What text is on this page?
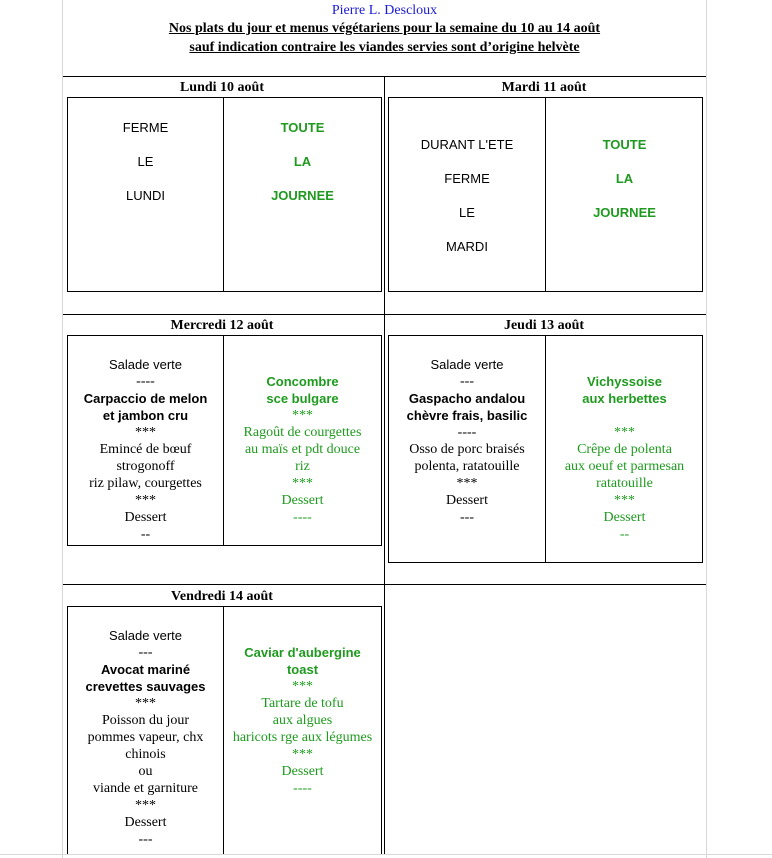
Pierre L. Descloux
Nos plats du jour et menus végétariens pour la semaine du 10 au 14 août
sauf indication contraire les viandes servies sont d’origine helvète
Lundi 10 août
FERME
LE
LUNDI
TOUTE
LA
JOURNEE
Mardi 11 août
DURANT L'ETE
FERME
LE
MARDI
TOUTE
LA
JOURNEE
Mercredi 12 août
Salade verte
----
Carpaccio de melon
et jambon cru
***
Emincé de bœuf
strogonoff
riz pilaw, courgettes
***
Dessert
--
Concombre
sce bulgare
***
Ragoût de courgettes
au maïs et pdt douce
riz
***
Dessert
----
Jeudi 13 août
Salade verte
---
Gaspacho andalou
chèvre frais, basilic
----
Osso de porc braisés
polenta, ratatouille
***
Dessert
---
Vichyssoise
aux herbettes
***
Crêpe de polenta
aux oeuf et parmesan
ratatouille
***
Dessert
--
Vendredi 14 août
Salade verte
---
Avocat mariné
crevettes sauvages
***
Poisson du jour
pommes vapeur, chx
chinois
ou
viande et garniture
***
Dessert
---
Caviar d'aubergine
toast
***
Tartare de tofu
aux algues
haricots rge aux légumes
***
Dessert
----
